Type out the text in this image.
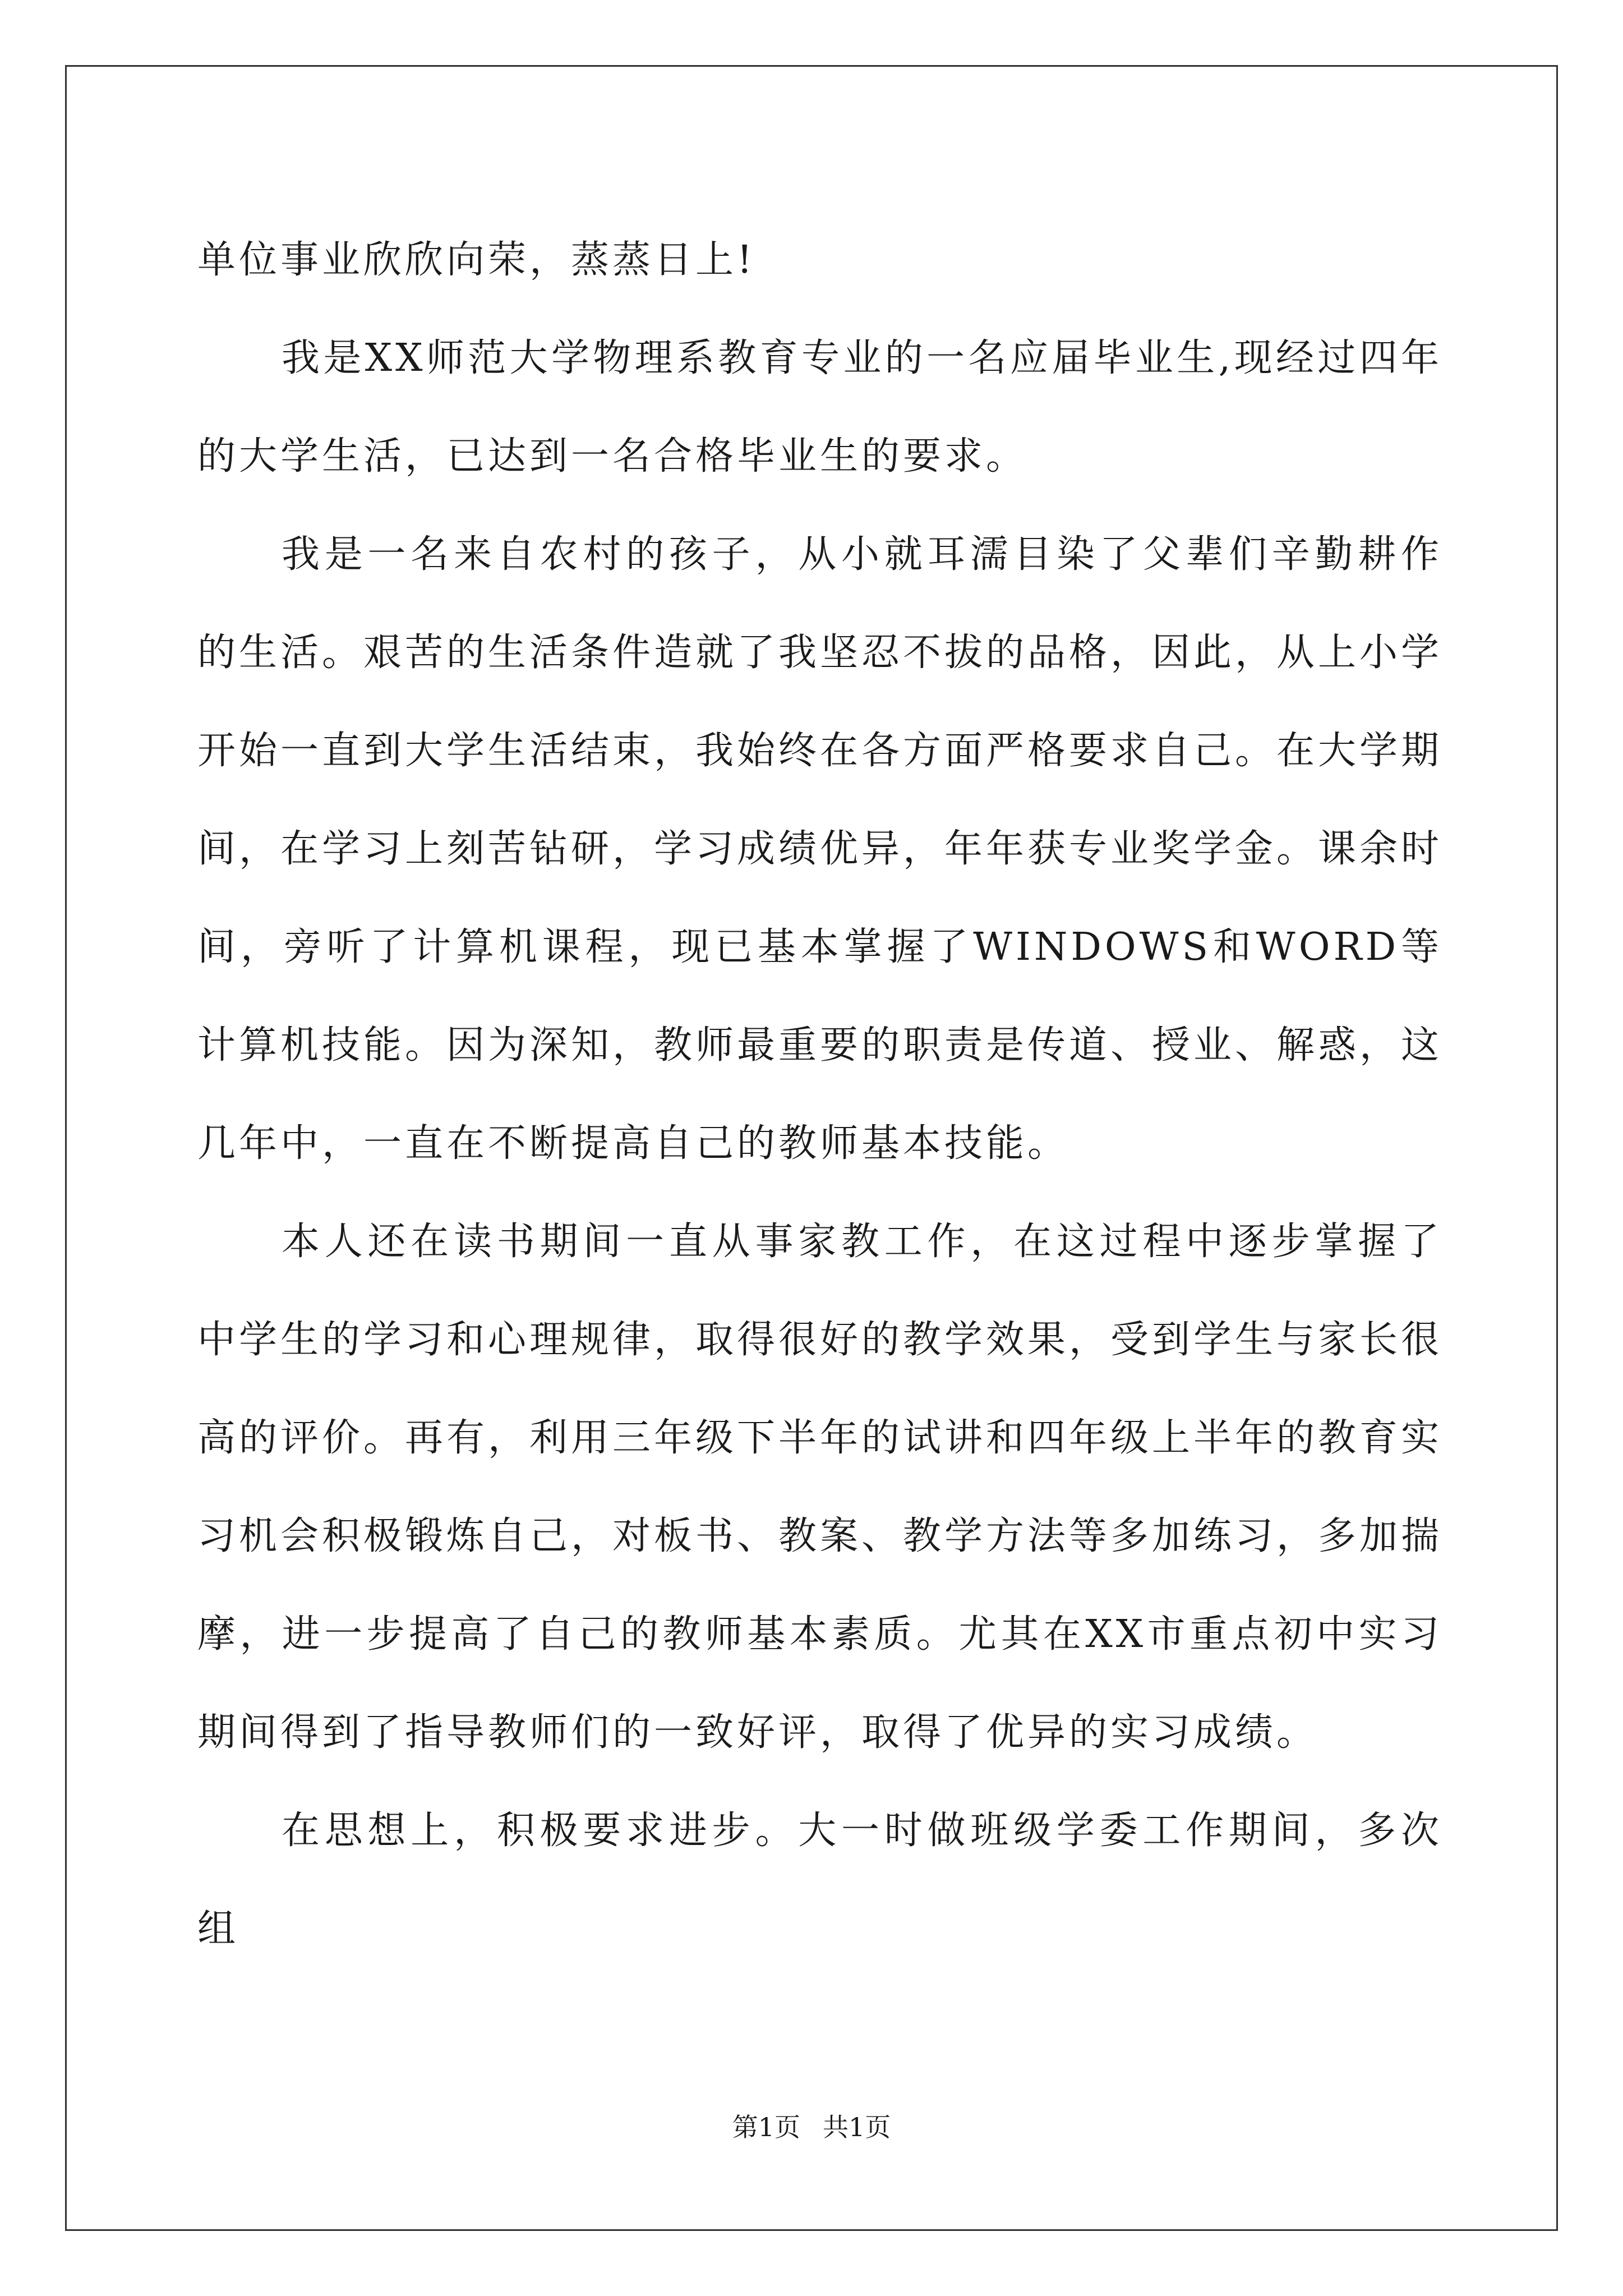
单位事业欣欣向荣，蒸蒸日上!

我是XX师范大学物理系教育专业的一名应届毕业生,现经过四年的大学生活，已达到一名合格毕业生的要求。

我是一名来自农村的孩子，从小就耳濡目染了父辈们辛勤耕作的生活。艰苦的生活条件造就了我坚忍不拔的品格，因此，从上小学开始一直到大学生活结束，我始终在各方面严格要求自己。在大学期间，在学习上刻苦钻研，学习成绩优异，年年获专业奖学金。课余时间，旁听了计算机课程，现已基本掌握了WINDOWS和WORD等计算机技能。因为深知，教师最重要的职责是传道、授业、解惑，这几年中，一直在不断提高自己的教师基本技能。

本人还在读书期间一直从事家教工作，在这过程中逐步掌握了中学生的学习和心理规律，取得很好的教学效果，受到学生与家长很高的评价。再有，利用三年级下半年的试讲和四年级上半年的教育实习机会积极锻炼自己，对板书、教案、教学方法等多加练习，多加揣摩，进一步提高了自己的教师基本素质。尤其在XX市重点初中实习期间得到了指导教师们的一致好评，取得了优异的实习成绩。

在思想上，积极要求进步。大一时做班级学委工作期间，多次组

第1页 共1页
